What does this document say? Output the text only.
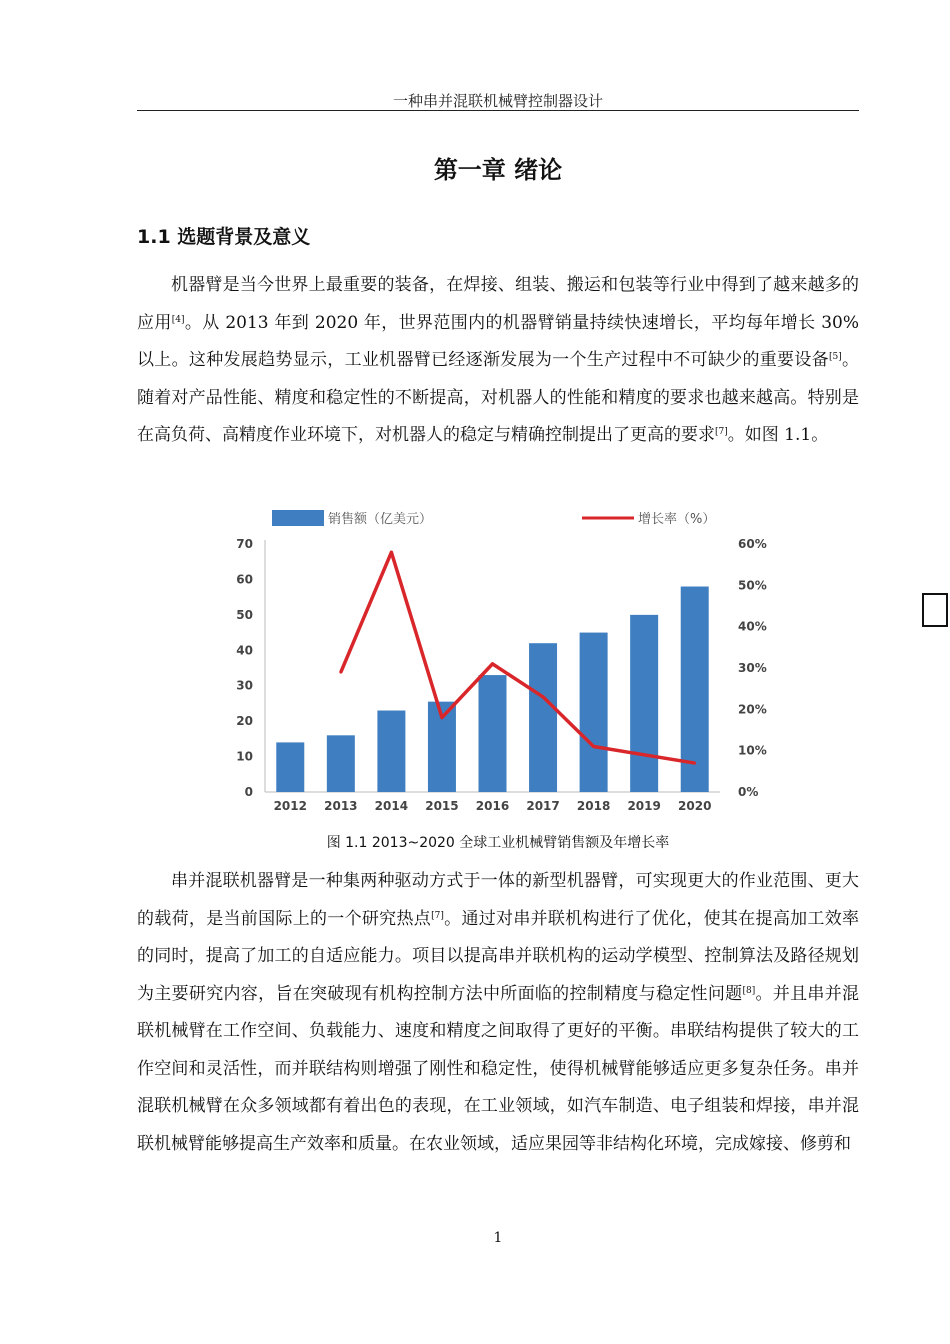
一种串并混联机械臂控制器设计
第一章 绪论
1.1 选题背景及意义

机器臂是当今世界上最重要的装备，在焊接、组装、搬运和包装等行业中得到了越来越多的应用[4]。从 2013 年到 2020 年，世界范围内的机器臂销量持续快速增长，平均每年增长 30%以上。这种发展趋势显示，工业机器臂已经逐渐发展为一个生产过程中不可缺少的重要设备[5]。随着对产品性能、精度和稳定性的不断提高，对机器人的性能和精度的要求也越来越高。特别是在高负荷、高精度作业环境下，对机器人的稳定与精确控制提出了更高的要求[7]。如图 1.1。

销售额（亿美元）	增长率（%）
0
10
20
30
40
50
60
70
0%
10%
20%
30%
40%
50%
60%
2012 2013 2014 2015 2016 2017 2018 2019 2020
图 1.1 2013~2020 全球工业机械臂销售额及年增长率

串并混联机器臂是一种集两种驱动方式于一体的新型机器臂，可实现更大的作业范围、更大的载荷，是当前国际上的一个研究热点[7]。通过对串并联机构进行了优化，使其在提高加工效率的同时，提高了加工的自适应能力。项目以提高串并联机构的运动学模型、控制算法及路径规划为主要研究内容，旨在突破现有机构控制方法中所面临的控制精度与稳定性问题[8]。并且串并混联机械臂在工作空间、负载能力、速度和精度之间取得了更好的平衡。串联结构提供了较大的工作空间和灵活性，而并联结构则增强了刚性和稳定性，使得机械臂能够适应更多复杂任务。串并混联机械臂在众多领域都有着出色的表现，在工业领域，如汽车制造、电子组装和焊接，串并混联机械臂能够提高生产效率和质量。在农业领域，适应果园等非结构化环境，完成嫁接、修剪和

1
